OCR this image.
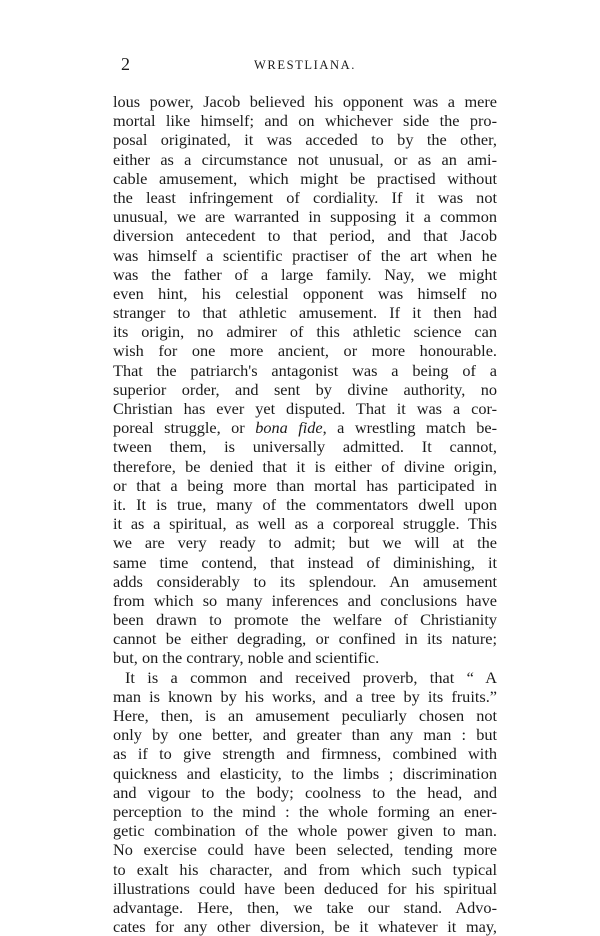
2	WRESTLIANA.
lous power, Jacob believed his opponent was a mere
mortal like himself; and on whichever side the pro-
posal originated, it was acceded to by the other,
either as a circumstance not unusual, or as an ami-
cable amusement, which might be practised without
the least infringement of cordiality. If it was not
unusual, we are warranted in supposing it a common
diversion antecedent to that period, and that Jacob
was himself a scientific practiser of the art when he
was the father of a large family. Nay, we might
even hint, his celestial opponent was himself no
stranger to that athletic amusement. If it then had
its origin, no admirer of this athletic science can
wish for one more ancient, or more honourable.
That the patriarch's antagonist was a being of a
superior order, and sent by divine authority, no
Christian has ever yet disputed. That it was a cor-
poreal struggle, or bona fide, a wrestling match be-
tween them, is universally admitted. It cannot,
therefore, be denied that it is either of divine origin,
or that a being more than mortal has participated in
it. It is true, many of the commentators dwell upon
it as a spiritual, as well as a corporeal struggle. This
we are very ready to admit; but we will at the
same time contend, that instead of diminishing, it
adds considerably to its splendour. An amusement
from which so many inferences and conclusions have
been drawn to promote the welfare of Christianity
cannot be either degrading, or confined in its nature;
but, on the contrary, noble and scientific.
It is a common and received proverb, that “ A
man is known by his works, and a tree by its fruits.”
Here, then, is an amusement peculiarly chosen not
only by one better, and greater than any man : but
as if to give strength and firmness, combined with
quickness and elasticity, to the limbs ; discrimination
and vigour to the body; coolness to the head, and
perception to the mind : the whole forming an ener-
getic combination of the whole power given to man.
No exercise could have been selected, tending more
to exalt his character, and from which such typical
illustrations could have been deduced for his spiritual
advantage. Here, then, we take our stand. Advo-
cates for any other diversion, be it whatever it may,
